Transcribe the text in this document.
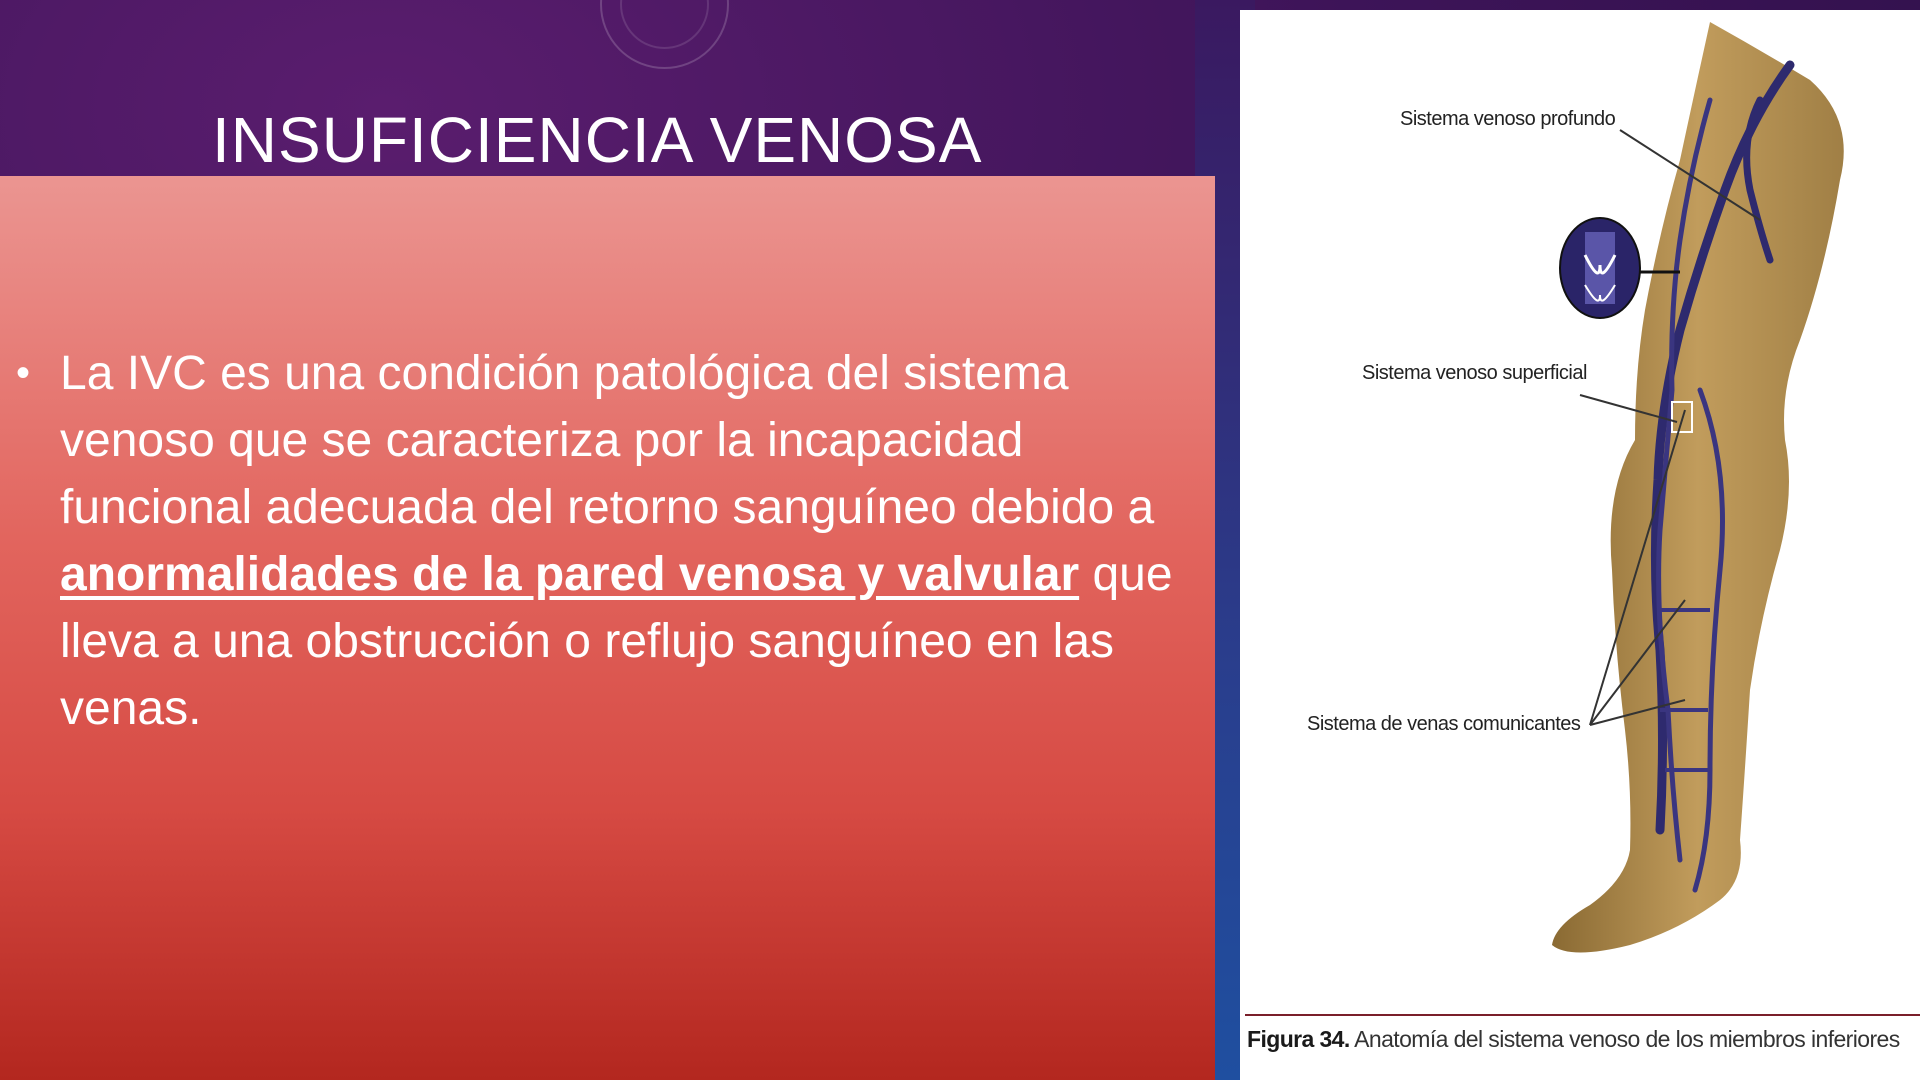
INSUFICIENCIA VENOSA
• La IVC es una condición patológica del sistema venoso que se caracteriza por la incapacidad funcional adecuada del retorno sanguíneo debido a anormalidades de la pared venosa y valvular que lleva a una obstrucción o reflujo sanguíneo en las venas.
Sistema venoso profundo
Sistema venoso superficial
Sistema de venas comunicantes
Figura 34. Anatomía del sistema venoso de los miembros inferiores
